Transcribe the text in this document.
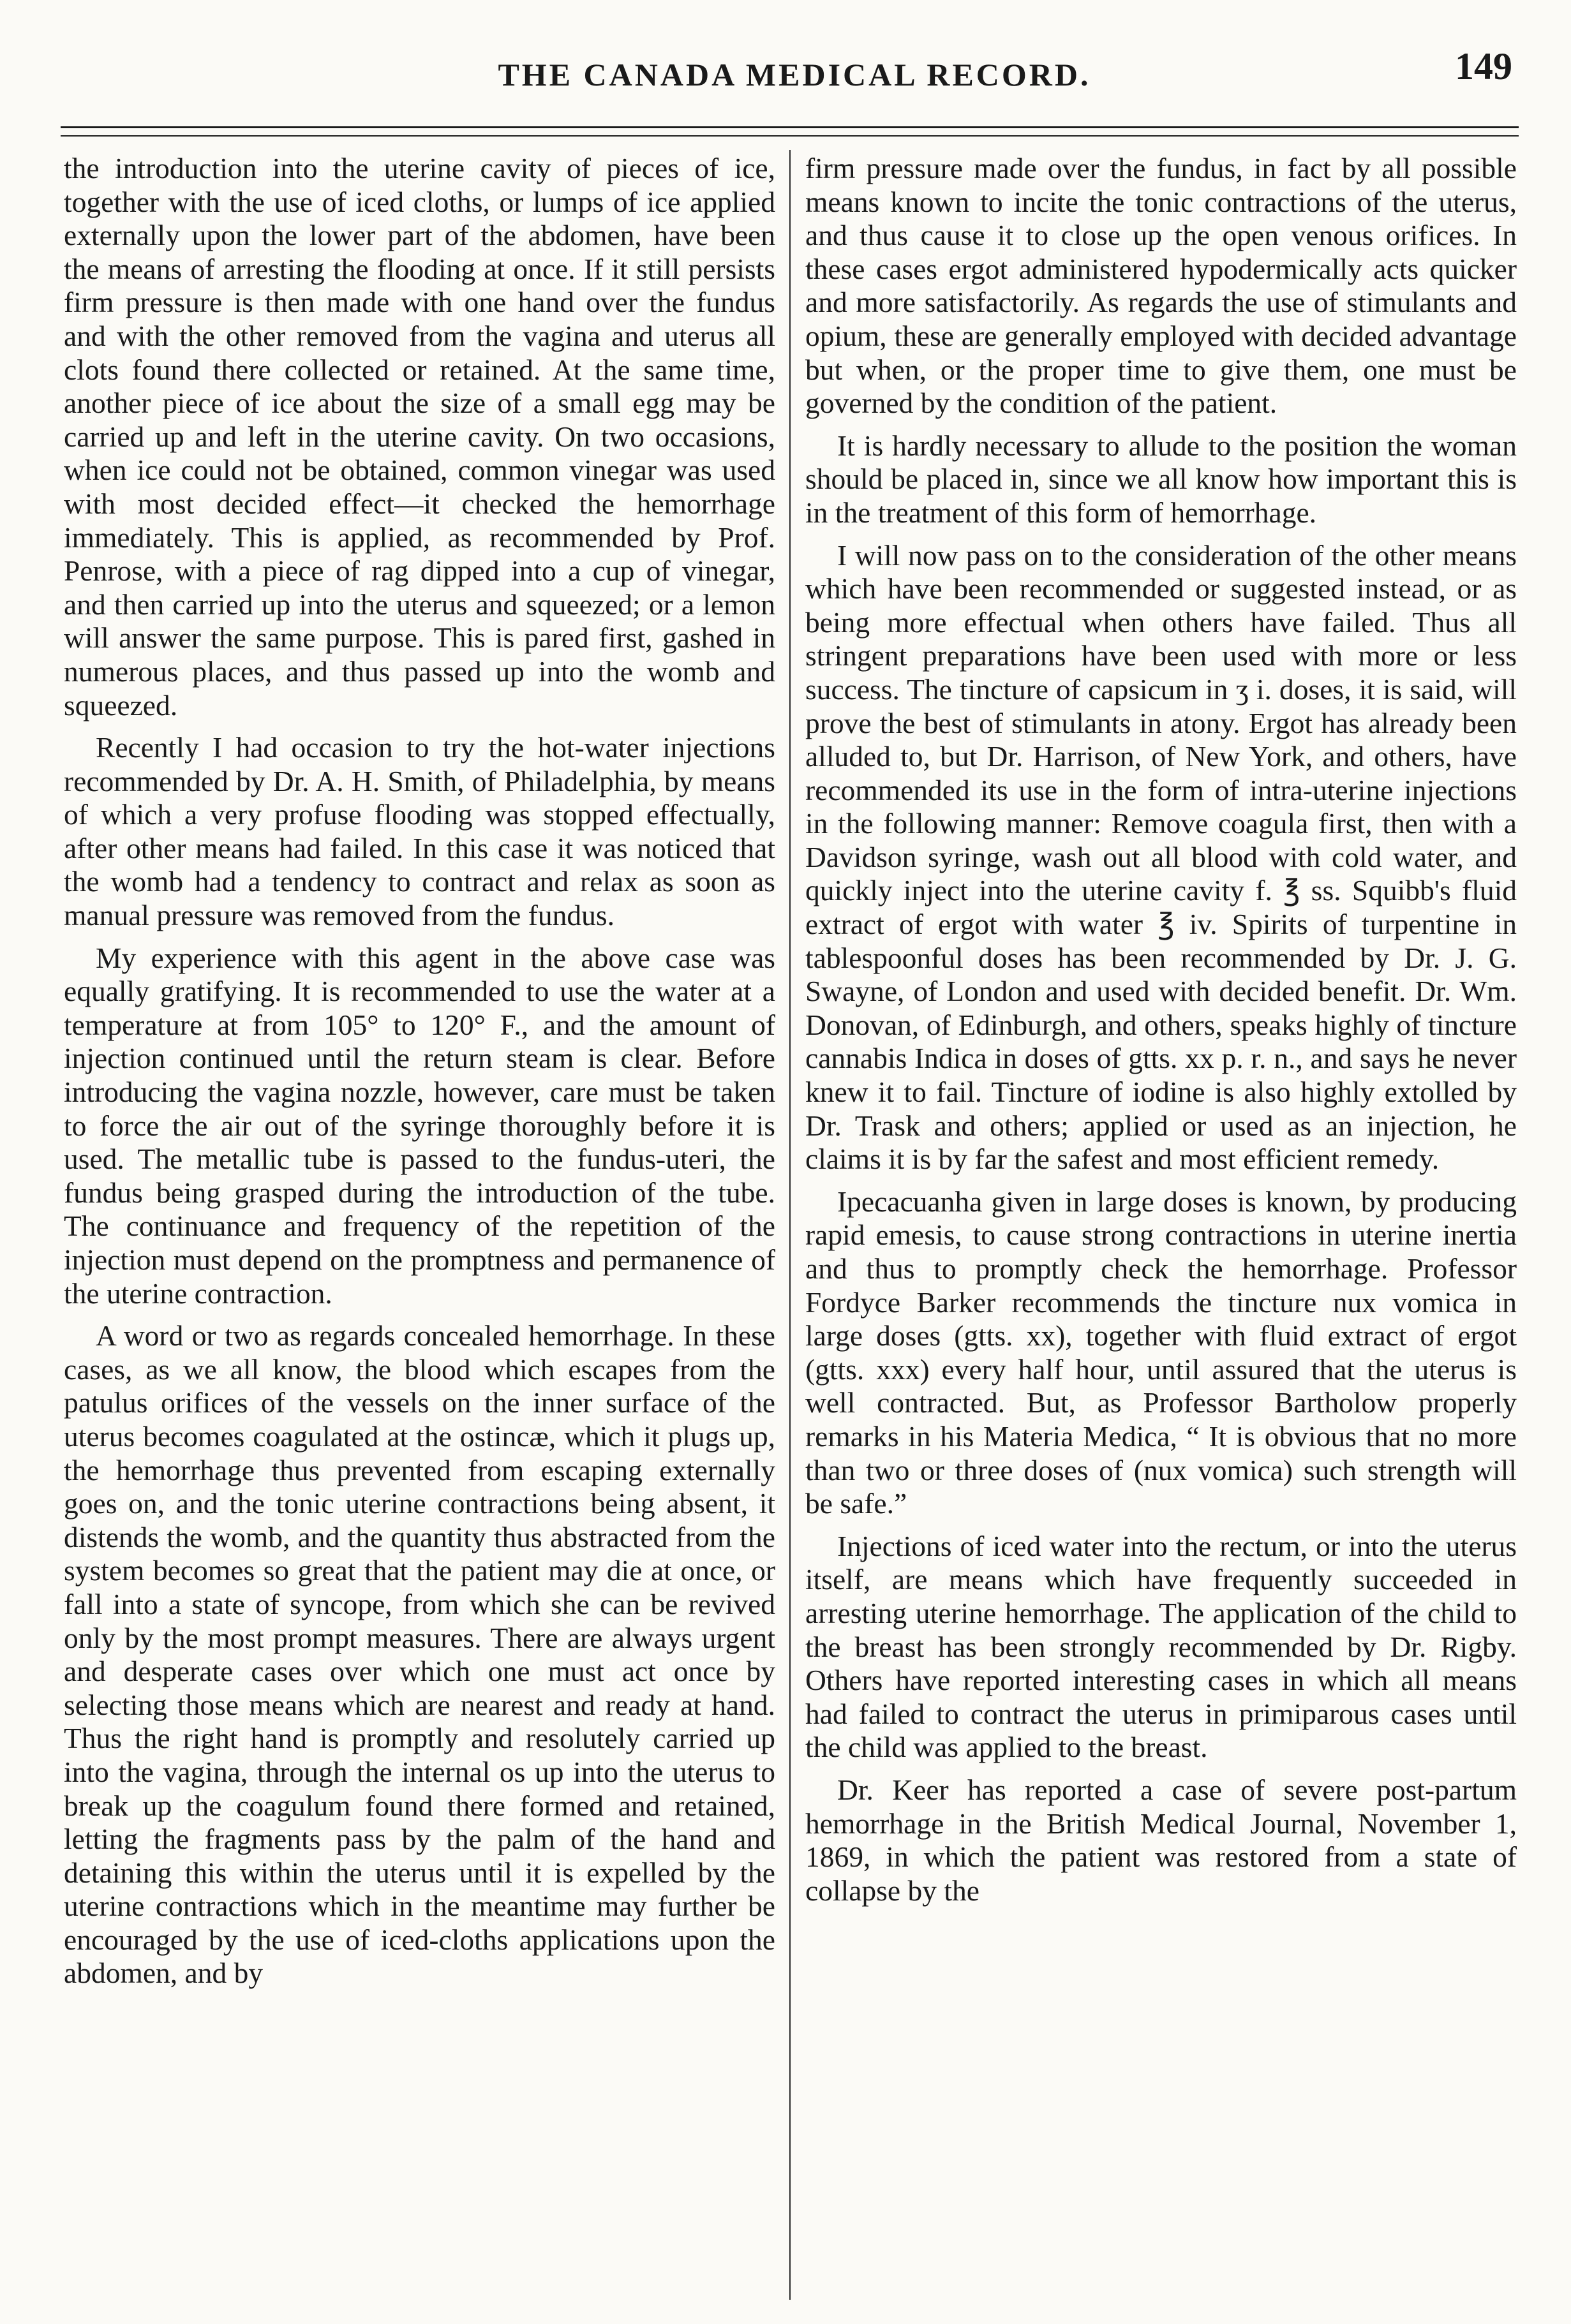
THE CANADA MEDICAL RECORD.	149

the introduction into the uterine cavity of pieces of ice, together with the use of iced cloths, or lumps of ice applied externally upon the lower part of the abdomen, have been the means of arresting the flooding at once. If it still persists firm pressure is then made with one hand over the fundus and with the other removed from the vagina and uterus all clots found there collected or retained. At the same time, another piece of ice about the size of a small egg may be carried up and left in the uterine cavity. On two occasions, when ice could not be obtained, common vinegar was used with most decided effect—it checked the hemorrhage immediately. This is applied, as recommended by Prof. Penrose, with a piece of rag dipped into a cup of vinegar, and then carried up into the uterus and squeezed; or a lemon will answer the same purpose. This is pared first, gashed in numerous places, and thus passed up into the womb and squeezed.

Recently I had occasion to try the hot-water injections recommended by Dr. A. H. Smith, of Philadelphia, by means of which a very profuse flooding was stopped effectually, after other means had failed. In this case it was noticed that the womb had a tendency to contract and relax as soon as manual pressure was removed from the fundus.

My experience with this agent in the above case was equally gratifying. It is recommended to use the water at a temperature at from 105° to 120° F., and the amount of injection continued until the return steam is clear. Before introducing the vagina nozzle, however, care must be taken to force the air out of the syringe thoroughly before it is used. The metallic tube is passed to the fundus-uteri, the fundus being grasped during the introduction of the tube. The continuance and frequency of the repetition of the injection must depend on the promptness and permanence of the uterine contraction.

A word or two as regards concealed hemorrhage. In these cases, as we all know, the blood which escapes from the patulus orifices of the vessels on the inner surface of the uterus becomes coagulated at the ostincæ, which it plugs up, the hemorrhage thus prevented from escaping externally goes on, and the tonic uterine contractions being absent, it distends the womb, and the quantity thus abstracted from the system becomes so great that the patient may die at once, or fall into a state of syncope, from which she can be revived only by the most prompt measures. There are always urgent and desperate cases over which one must act once by selecting those means which are nearest and ready at hand. Thus the right hand is promptly and resolutely carried up into the vagina, through the internal os up into the uterus to break up the coagulum found there formed and retained, letting the fragments pass by the palm of the hand and detaining this within the uterus until it is expelled by the uterine contractions which in the meantime may further be encouraged by the use of iced-cloths applications upon the abdomen, and by

firm pressure made over the fundus, in fact by all possible means known to incite the tonic contractions of the uterus, and thus cause it to close up the open venous orifices. In these cases ergot administered hypodermically acts quicker and more satisfactorily. As regards the use of stimulants and opium, these are generally employed with decided advantage but when, or the proper time to give them, one must be governed by the condition of the patient.

It is hardly necessary to allude to the position the woman should be placed in, since we all know how important this is in the treatment of this form of hemorrhage.

I will now pass on to the consideration of the other means which have been recommended or suggested instead, or as being more effectual when others have failed. Thus all stringent preparations have been used with more or less success. The tincture of capsicum in ʒ i. doses, it is said, will prove the best of stimulants in atony. Ergot has already been alluded to, but Dr. Harrison, of New York, and others, have recommended its use in the form of intra-uterine injections in the following manner: Remove coagula first, then with a Davidson syringe, wash out all blood with cold water, and quickly inject into the uterine cavity f. ℥ ss. Squibb's fluid extract of ergot with water ℥ iv. Spirits of turpentine in tablespoonful doses has been recommended by Dr. J. G. Swayne, of London and used with decided benefit. Dr. Wm. Donovan, of Edinburgh, and others, speaks highly of tincture cannabis Indica in doses of gtts. xx p. r. n., and says he never knew it to fail. Tincture of iodine is also highly extolled by Dr. Trask and others; applied or used as an injection, he claims it is by far the safest and most efficient remedy.

Ipecacuanha given in large doses is known, by producing rapid emesis, to cause strong contractions in uterine inertia and thus to promptly check the hemorrhage. Professor Fordyce Barker recommends the tincture nux vomica in large doses (gtts. xx), together with fluid extract of ergot (gtts. xxx) every half hour, until assured that the uterus is well contracted. But, as Professor Bartholow properly remarks in his Materia Medica, “ It is obvious that no more than two or three doses of (nux vomica) such strength will be safe.”

Injections of iced water into the rectum, or into the uterus itself, are means which have frequently succeeded in arresting uterine hemorrhage. The application of the child to the breast has been strongly recommended by Dr. Rigby. Others have reported interesting cases in which all means had failed to contract the uterus in primiparous cases until the child was applied to the breast.

Dr. Keer has reported a case of severe post-partum hemorrhage in the British Medical Journal, November 1, 1869, in which the patient was restored from a state of collapse by the
